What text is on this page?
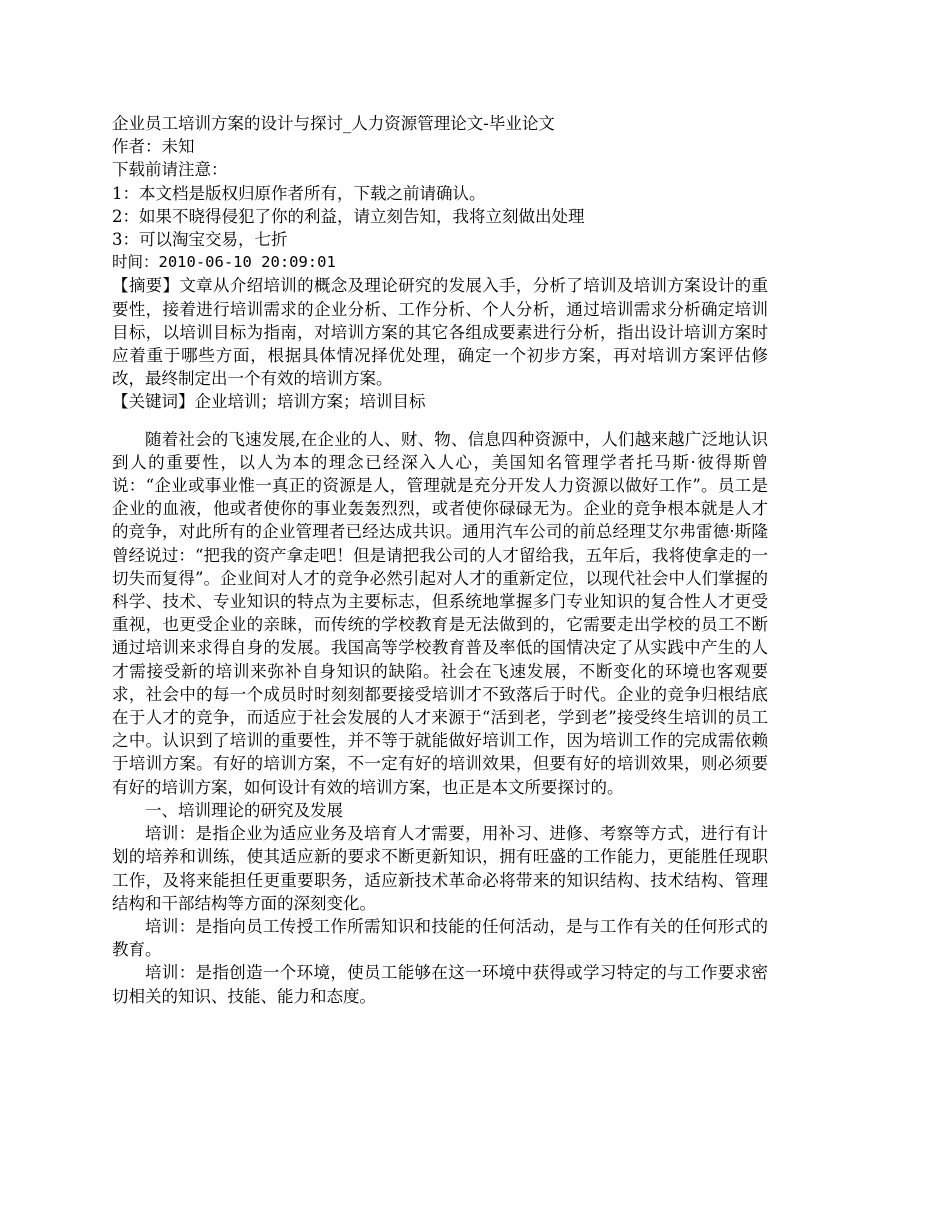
企业员工培训方案的设计与探讨_人力资源管理论文-毕业论文
作者：未知
下载前请注意：
1：本文档是版权归原作者所有，下载之前请确认。
2：如果不晓得侵犯了你的利益，请立刻告知，我将立刻做出处理
3：可以淘宝交易，七折
时间：2010-06-10 20:09:01
【摘要】文章从介绍培训的概念及理论研究的发展入手，分析了培训及培训方案设计的重要性，接着进行培训需求的企业分析、工作分析、个人分析，通过培训需求分析确定培训目标，以培训目标为指南，对培训方案的其它各组成要素进行分析，指出设计培训方案时应着重于哪些方面，根据具体情况择优处理，确定一个初步方案，再对培训方案评估修改，最终制定出一个有效的培训方案。
【关键词】企业培训；培训方案；培训目标
随着社会的飞速发展,在企业的人、财、物、信息四种资源中，人们越来越广泛地认识到人的重要性，以人为本的理念已经深入人心，美国知名管理学者托马斯·彼得斯曾说：“企业或事业惟一真正的资源是人，管理就是充分开发人力资源以做好工作”。员工是企业的血液，他或者使你的事业轰轰烈烈，或者使你碌碌无为。企业的竞争根本就是人才的竞争，对此所有的企业管理者已经达成共识。通用汽车公司的前总经理艾尔弗雷德·斯隆曾经说过：“把我的资产拿走吧！但是请把我公司的人才留给我，五年后，我将使拿走的一切失而复得”。企业间对人才的竞争必然引起对人才的重新定位，以现代社会中人们掌握的科学、技术、专业知识的特点为主要标志，但系统地掌握多门专业知识的复合性人才更受重视，也更受企业的亲睐，而传统的学校教育是无法做到的，它需要走出学校的员工不断通过培训来求得自身的发展。我国高等学校教育普及率低的国情决定了从实践中产生的人才需接受新的培训来弥补自身知识的缺陷。社会在飞速发展，不断变化的环境也客观要求，社会中的每一个成员时时刻刻都要接受培训才不致落后于时代。企业的竞争归根结底在于人才的竞争，而适应于社会发展的人才来源于“活到老，学到老”接受终生培训的员工之中。认识到了培训的重要性，并不等于就能做好培训工作，因为培训工作的完成需依赖于培训方案。有好的培训方案，不一定有好的培训效果，但要有好的培训效果，则必须要有好的培训方案，如何设计有效的培训方案，也正是本文所要探讨的。
一、培训理论的研究及发展
培训：是指企业为适应业务及培育人才需要，用补习、进修、考察等方式，进行有计划的培养和训练，使其适应新的要求不断更新知识，拥有旺盛的工作能力，更能胜任现职工作，及将来能担任更重要职务，适应新技术革命必将带来的知识结构、技术结构、管理结构和干部结构等方面的深刻变化。
培训：是指向员工传授工作所需知识和技能的任何活动，是与工作有关的任何形式的教育。
培训：是指创造一个环境，使员工能够在这一环境中获得或学习特定的与工作要求密切相关的知识、技能、能力和态度。
